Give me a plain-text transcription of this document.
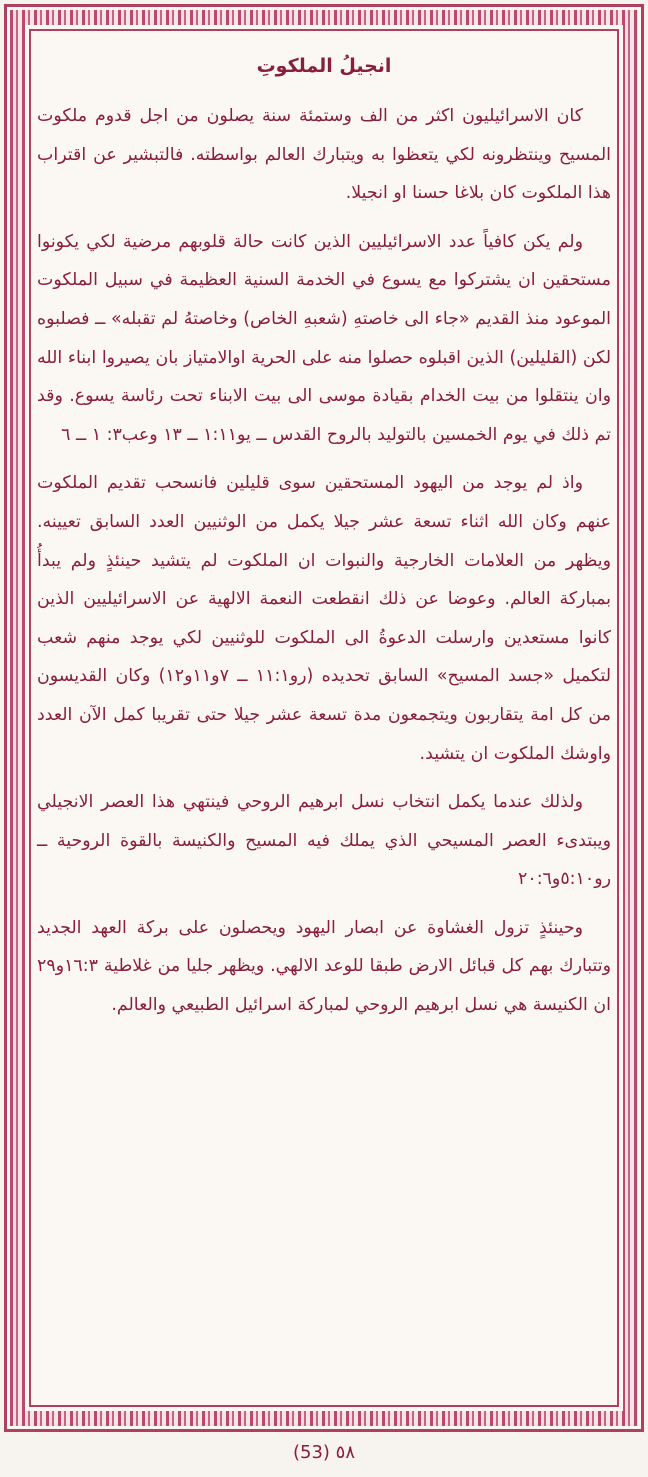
انجيلُ الملكوتِ

كان الاسرائيليون اكثر من الف وستمئة سنة يصلون من اجل قدوم ملكوت المسيح وينتظرونه لكي يتعظوا به ويتبارك العالم بواسطته. فالتبشير عن اقتراب هذا الملكوت كان بلاغا حسنا او انجيلا.

ولم يكن كافياً عدد الاسرائيليين الذين كانت حالة قلوبهم مرضية لكي يكونوا مستحقين ان يشتركوا مع يسوع في الخدمة السنية العظيمة في سبيل الملكوت الموعود منذ القديم «جاء الى خاصتهِ (شعبهِ الخاص) وخاصتهُ لم تقبله» ــ فصلبوه لكن (القليلين) الذين اقبلوه حصلوا منه على الحرية اوالامتياز بان يصيروا ابناء الله وان ينتقلوا من بيت الخدام بقيادة موسى الى بيت الابناء تحت رئاسة يسوع. وقد تم ذلك في يوم الخمسين بالتوليد بالروح القدس ــ يو١:١١ ــ ١٣ وعب٣: ١ ــ ٦

واذ لم يوجد من اليهود المستحقين سوى قليلين فانسحب تقديم الملكوت عنهم وكان الله اثناء تسعة عشر جيلا يكمل من الوثنيين العدد السابق تعيينه. ويظهر من العلامات الخارجية والنبوات ان الملكوت لم يتشيد حينئذٍ ولم يبدأُ بمباركة العالم. وعوضا عن ذلك انقطعت النعمة الالهية عن الاسرائيليين الذين كانوا مستعدين وارسلت الدعوةُ الى الملكوت للوثنيين لكي يوجد منهم شعب لتكميل «جسد المسيح» السابق تحديده (رو١١:١ ــ ٧و١١و١٢) وكان القديسون من كل امة يتقاربون ويتجمعون مدة تسعة عشر جيلا حتى تقريبا كمل الآن العدد واوشك الملكوت ان يتشيد.

ولذلك عندما يكمل انتخاب نسل ابرهيم الروحي فينتهي هذا العصر الانجيلي ويبتدىء العصر المسيحي الذي يملك فيه المسيح والكنيسة بالقوة الروحية ــ رو٥:١٠و٢٠:٦

وحينئذٍ تزول الغشاوة عن ابصار اليهود ويحصلون على بركة العهد الجديد وتتبارك بهم كل قبائل الارض طبقا للوعد الالهي. ويظهر جليا من غلاطية ١٦:٣و٢٩ ان الكنيسة هي نسل ابرهيم الروحي لمباركة اسرائيل الطبيعي والعالم.

(53) ٥٨
